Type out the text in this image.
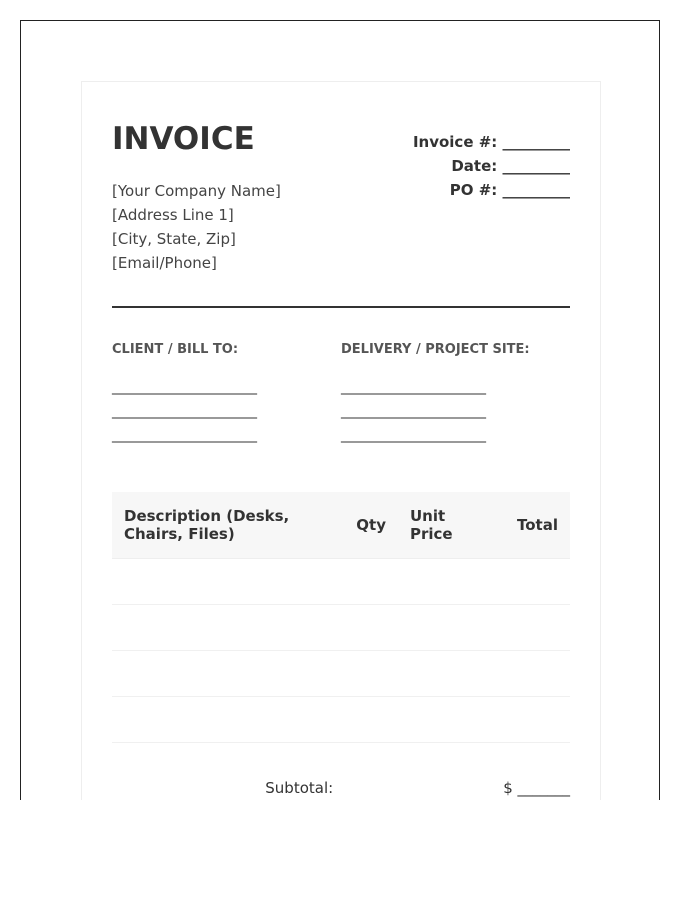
INVOICE
[Your Company Name]
[Address Line 1]
[City, State, Zip]
[Email/Phone]
Invoice #: _________
Date: _________
PO #: _________
CLIENT / BILL TO:
________________________
________________________
________________________
DELIVERY / PROJECT SITE:
________________________
________________________
________________________
Description (Desks, Chairs, Files)	Qty	Unit Price	Total

Subtotal:	$ _______
